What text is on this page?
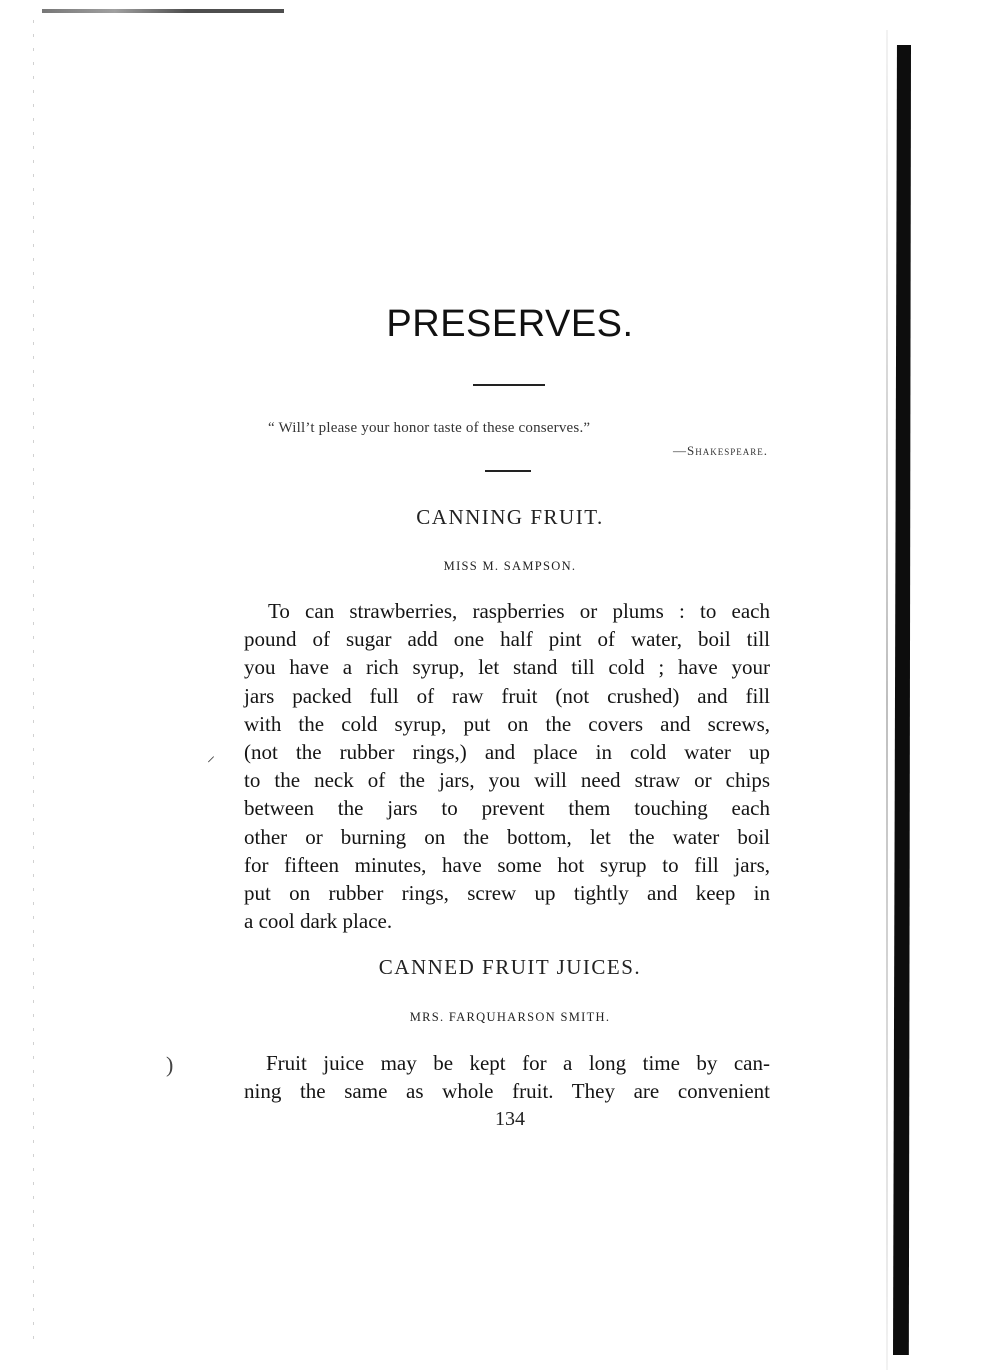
PRESERVES.
“ Will’t please your honor taste of these conserves.”
—Shakespeare.
CANNING FRUIT.
MISS M. SAMPSON.
To can strawberries, raspberries or plums : to each
pound of sugar add one half pint of water, boil till
you have a rich syrup, let stand till cold ; have your
jars packed full of raw fruit (not crushed) and fill
with the cold syrup, put on the covers and screws,
(not the rubber rings,) and place in cold water up
to the neck of the jars, you will need straw or chips
between the jars to prevent them touching each
other or burning on the bottom, let the water boil
for fifteen minutes, have some hot syrup to fill jars,
put on rubber rings, screw up tightly and keep in
a cool dark place.
CANNED FRUIT JUICES.
MRS. FARQUHARSON SMITH.
Fruit juice may be kept for a long time by can-
ning the same as whole fruit. They are convenient
134
⸝
)
